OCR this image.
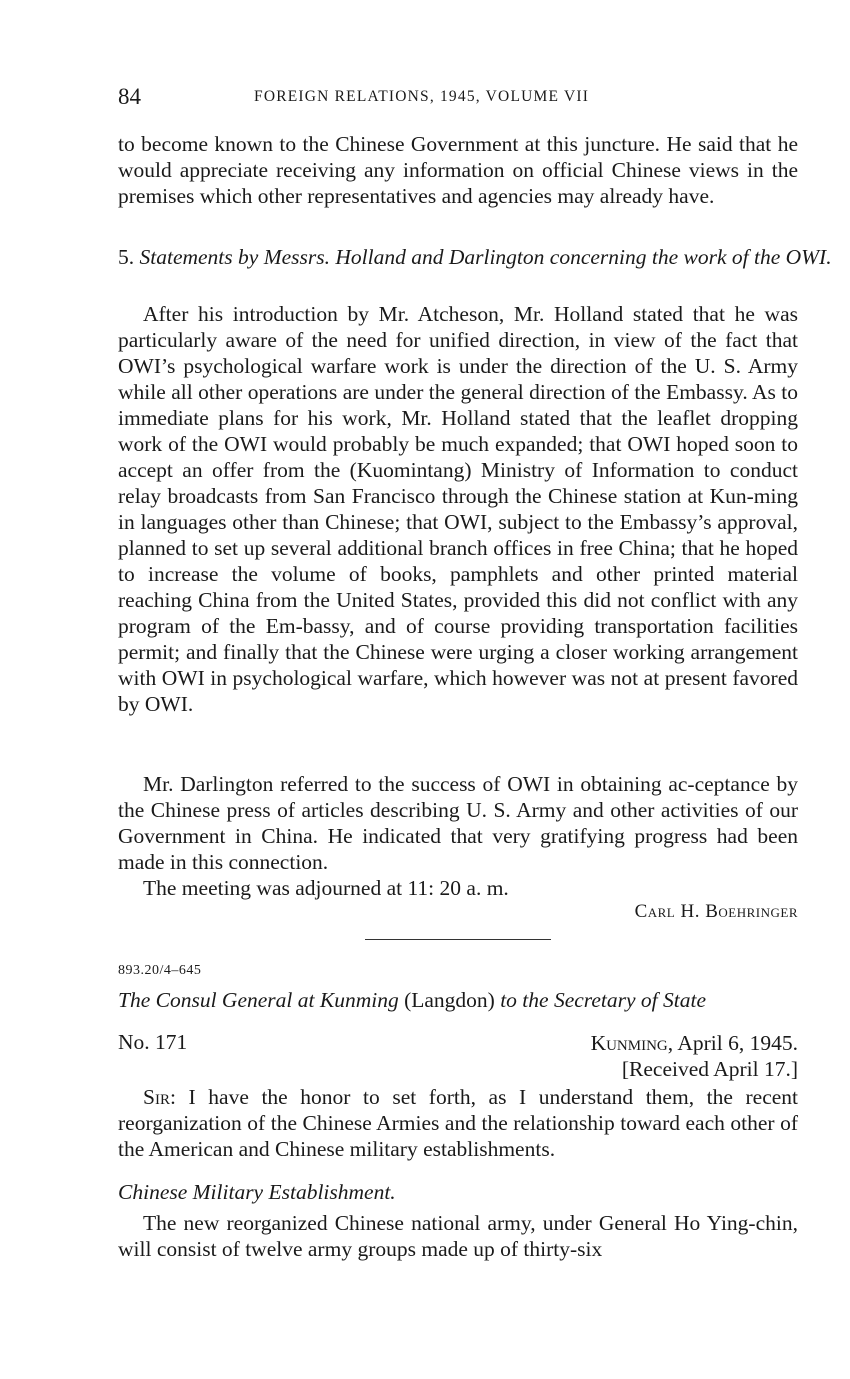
84	FOREIGN RELATIONS, 1945, VOLUME VII

to become known to the Chinese Government at this juncture. He said that he would appreciate receiving any information on official Chinese views in the premises which other representatives and agencies may already have.

5. Statements by Messrs. Holland and Darlington concerning the work of the OWI.

After his introduction by Mr. Atcheson, Mr. Holland stated that he was particularly aware of the need for unified direction, in view of the fact that OWI’s psychological warfare work is under the direction of the U. S. Army while all other operations are under the general direction of the Embassy. As to immediate plans for his work, Mr. Holland stated that the leaflet dropping work of the OWI would probably be much expanded; that OWI hoped soon to accept an offer from the (Kuomintang) Ministry of Information to conduct relay broadcasts from San Francisco through the Chinese station at Kun-ming in languages other than Chinese; that OWI, subject to the Embassy’s approval, planned to set up several additional branch offices in free China; that he hoped to increase the volume of books, pamphlets and other printed material reaching China from the United States, provided this did not conflict with any program of the Em-bassy, and of course providing transportation facilities permit; and finally that the Chinese were urging a closer working arrangement with OWI in psychological warfare, which however was not at present favored by OWI.

Mr. Darlington referred to the success of OWI in obtaining ac-ceptance by the Chinese press of articles describing U. S. Army and other activities of our Government in China. He indicated that very gratifying progress had been made in this connection.

The meeting was adjourned at 11: 20 a. m.

Carl H. Boehringer
893.20/4–645
The Consul General at Kunming (Langdon) to the Secretary of State
No. 171	Kunming, April 6, 1945.
[Received April 17.]

Sir: I have the honor to set forth, as I understand them, the recent reorganization of the Chinese Armies and the relationship toward each other of the American and Chinese military establishments.

Chinese Military Establishment.

The new reorganized Chinese national army, under General Ho Ying-chin, will consist of twelve army groups made up of thirty-six
